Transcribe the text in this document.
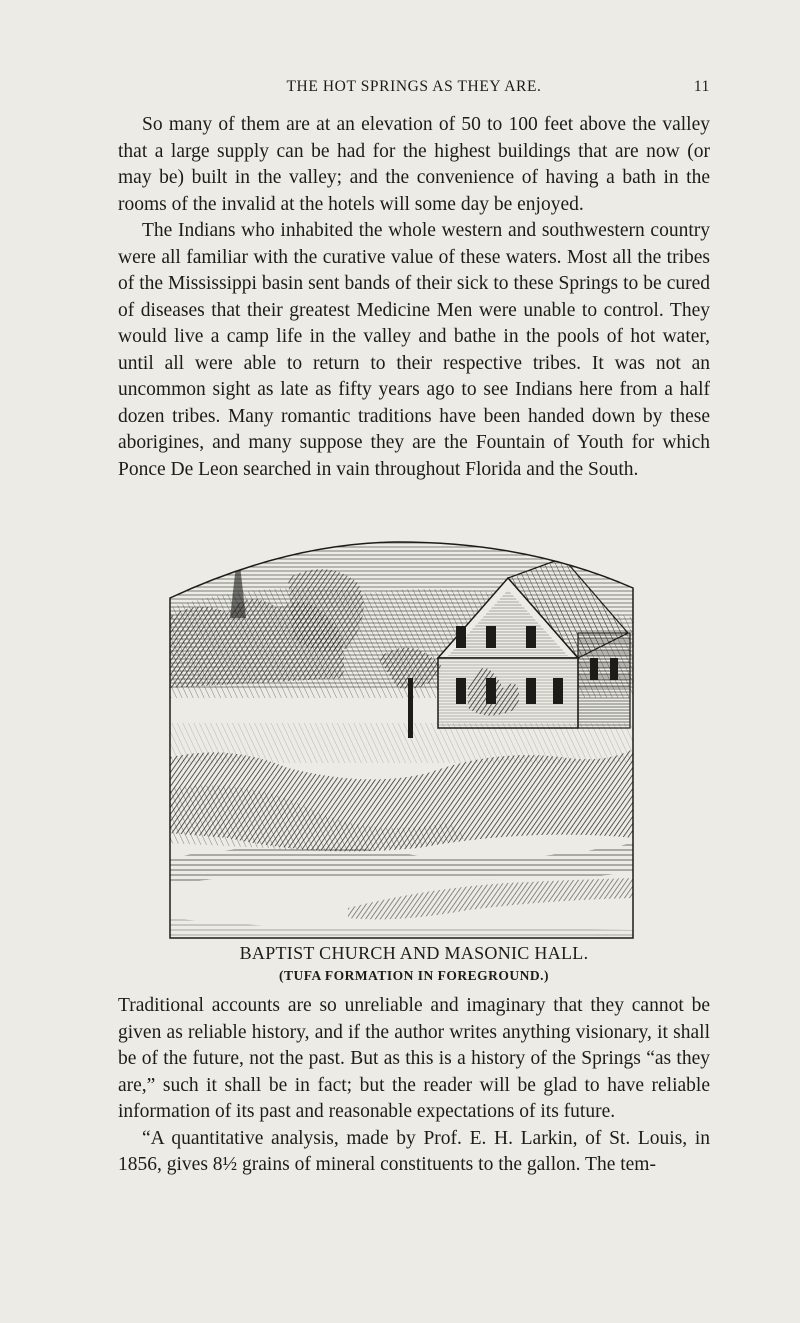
THE HOT SPRINGS AS THEY ARE.	11

So many of them are at an elevation of 50 to 100 feet above the valley that a large supply can be had for the highest buildings that are now (or may be) built in the valley; and the convenience of having a bath in the rooms of the invalid at the hotels will some day be enjoyed.

The Indians who inhabited the whole western and southwestern country were all familiar with the curative value of these waters. Most all the tribes of the Mississippi basin sent bands of their sick to these Springs to be cured of diseases that their greatest Medicine Men were unable to control. They would live a camp life in the valley and bathe in the pools of hot water, until all were able to return to their respective tribes. It was not an uncommon sight as late as fifty years ago to see Indians here from a half dozen tribes. Many romantic traditions have been handed down by these aborigines, and many suppose they are the Fountain of Youth for which Ponce De Leon searched in vain throughout Florida and the South.

BAPTIST CHURCH AND MASONIC HALL.
(TUFA FORMATION IN FOREGROUND.)

Traditional accounts are so unreliable and imaginary that they cannot be given as reliable history, and if the author writes anything visionary, it shall be of the future, not the past. But as this is a history of the Springs “as they are,” such it shall be in fact; but the reader will be glad to have reliable information of its past and reasonable expectations of its future.

“A quantitative analysis, made by Prof. E. H. Larkin, of St. Louis, in 1856, gives 8½ grains of mineral constituents to the gallon. The tem-
